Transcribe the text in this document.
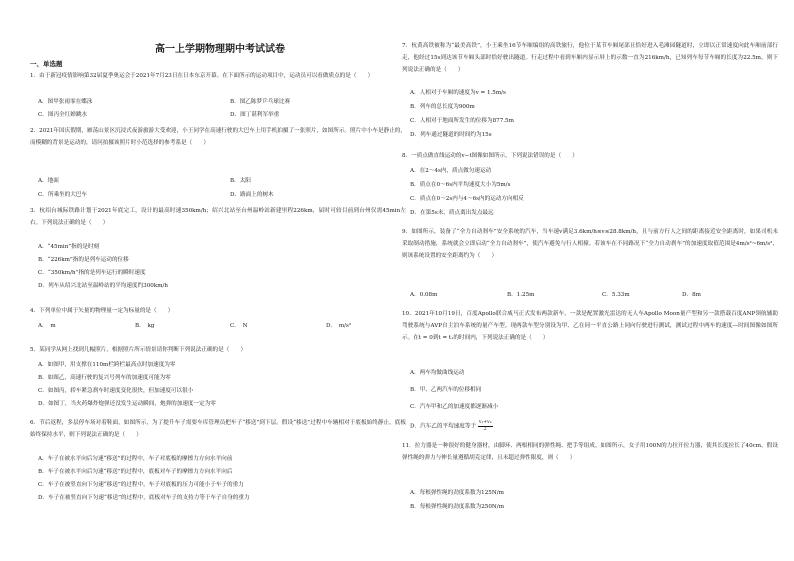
高一上学期物理期中考试试卷
一、单选题
1．由于新冠疫情影响第32届夏季奥运会于2021年7月23日在日本东京开幕。在下面所示的运动项目中，运动员可以看做质点的是（　　）
A．图甲张雨霏在蝶泳	B．图乙陈梦乒乓球比赛
C．图丙全红婵跳水	D．图丁谌利军举重
2．2021年国庆假期，雁荡山景区沉浸式夜游旅游大受欢迎，小王同学在高速行驶的大巴车上用手机拍摄了一张照片，如图所示。照片中小车是静止的，而模糊的背景是运动的，请问拍摄该照片时小范选择的参考系是（　　）
A．地面	B．太阳
C．所乘坐的大巴车	D．路面上的树木
3．杭绍台城际铁路计划于2021年底完工，设计的最高时速350km/h；绍兴北站至台州温岭站新建里程226km，届时可较目前到台州仅需45min左右。下列说法正确的是（　　）
A．“45min”指的是时刻
B．“226km”指的是列车运动的位移
C．“350km/h”指的是列车运行的瞬时速度
D．列车从绍兴北站至温岭站的平均速度约300km/h
4．下列单位中属于矢量的物理量一定为标量的是（　　）
A．　m	B．　kg	C．　N	D．　m/s²
5．某同学从网上找到几幅照片，根据照片所示情景请你判断下列说法正确的是（　　）
A．如图甲，用支撑在110m栏跨栏最高点时加速度为零
B．如图乙，高速行驶的复兴号列车的加速度可能为零
C．如图丙，轿车紧急刹车时速度变化很快，但加速度可以很小
D．如图丁，当火药爆炸炮弹还没发生运动瞬间，炮弹的加速度一定为零
6．节后返程，多层停车场对着鞋面，如图所示，为了提升车子需要车库管理员把车子“移送”到下层。假设“移送”过程中车辆相对于底板始终静止，底板始终保持水平，则下列说法正确的是（　　）
A．车子在被水平向后匀速“移送”的过程中，车子对底板的摩擦力方向水平向前
B．车子在被水平向后匀速“移送”的过程中，底板对车子的摩擦力方向水平向后
C．车子在被竖直向下匀速“移送”的过程中，车子对底板的压力可能小于车子的重力
D．车子在被竖直向下匀速“移送”的过程中，底板对车子的支持力等于车子自身的重力
7．杭黄高铁被称为“最美高铁”，小王乘坐16节车厢编组的高铁旅行，他位于某节车厢尾部且恰好进入毛滩园隧道时，立即以正常速度向此车厢前部行走，他经过15s到达该节车厢头部时恰好驶出隧道。行走过程中看到车厢内显示屏上的示数一直为216km/h，已知列车每节车厢的长度为22.5m，则下列说法正确的是（　　）
A．人相对于车厢的速度为v = 1.5m/s
B．列车的总长度为900m
C．人相对于地面所发生的位移为877.5m
D．列车通过隧道的时间约为15s
8．一质点做直线运动的v−t图像如图所示，下列说法错误的是（　　）
A．在2～4s内，质点做匀速运动
B．质点在0～6s内平均速度大小为5m/s
C．质点在0～2s内与4～6s内的运动方向相反
D．在第5s末，质点离出发点最远
9．如图所示，装备了“全力自动刹车”安全系统的汽车，当车速v满足3.6km/h≤v≤28.8km/h，且与前方行人之间的距离接近安全距离时，如果司机未采取制动措施，系统就会立即启动“全力自动刹车”，使汽车避免与行人相撞。若该车在不同路况下“全力自动刹车”的加速度取值范围是4m/s²~6m/s²，则该系统设置的安全距离约为（　　）
A．0.08m	B．1.25m	C．5.33m	D．8m
10．2021年10月19日，百度Apollo联合威马正式发布两款新车，一款是配置激光雷达的无人车Apollo Moon量产型和另一款搭载百度ANP领航辅助驾驶系统与AVP自主泊车系统的量产车型。现两款车型分别设为甲、乙在同一平直公路上同向行驶进行测试，测试过程中两车的速度—时间图像如图所示。在t = 0到t = t₁的时间内，下列说法正确的是（　　）
A．两车均做曲线运动
B．甲、乙两汽车的位移相同
C．汽车甲和乙的加速度都逐渐减小
D．汽车乙的平均速度等于 $\frac{\text{v₁+v₂}}{2}$
11．拉力器是一种很好的健身器材，由脚环、两根相同的弹性绳、把手等组成。如图所示，女子用100N的力拉开拉力器，使其长度拉长了40cm，假设弹性绳的弹力与伸长量遵循胡克定律，且未超过弹性限度，则（　　）
A．每根弹性绳的劲度系数为125N/m
B．每根弹性绳的劲度系数为250N/m
